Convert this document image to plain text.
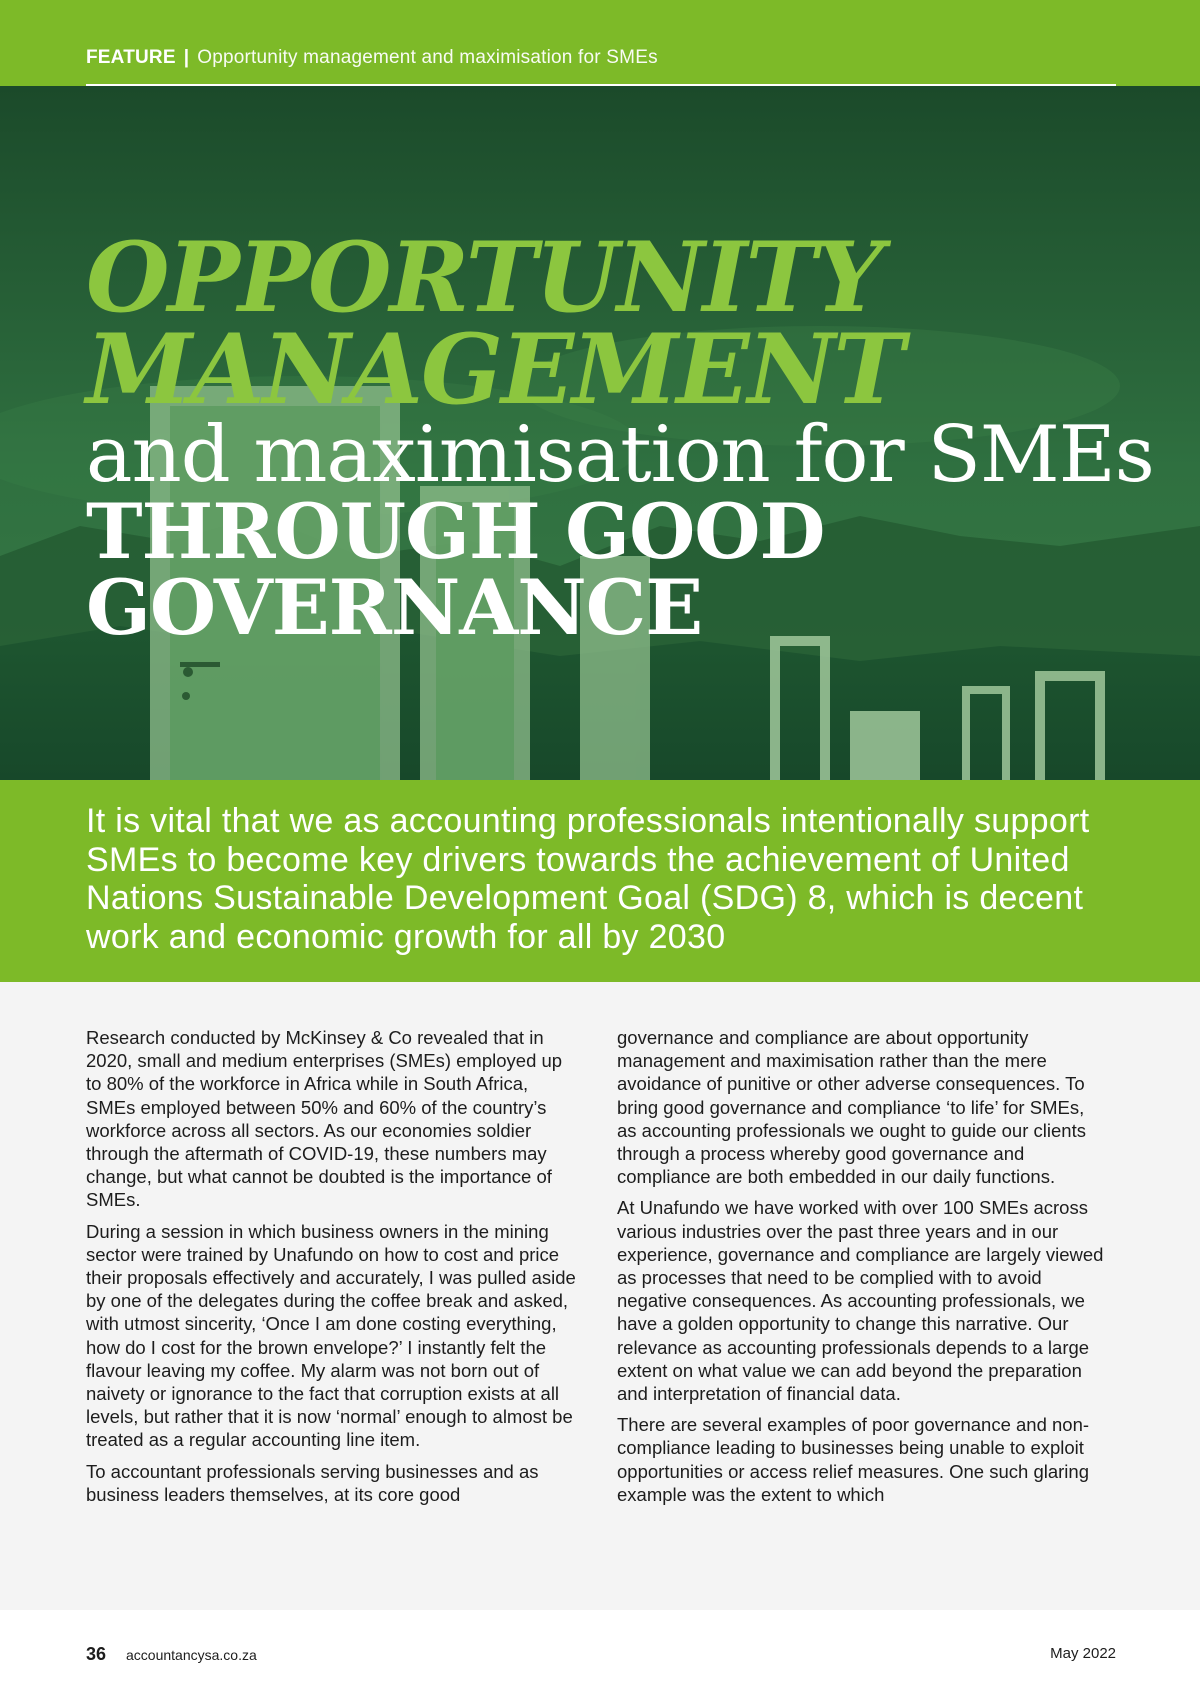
FEATURE | Opportunity management and maximisation for SMEs
OPPORTUNITY
MANAGEMENT
and maximisation for SMEs
THROUGH GOOD
GOVERNANCE

It is vital that we as accounting professionals intentionally support SMEs to become key drivers towards the achievement of United Nations Sustainable Development Goal (SDG) 8, which is decent work and economic growth for all by 2030

Research conducted by McKinsey & Co revealed that in 2020, small and medium enterprises (SMEs) employed up to 80% of the workforce in Africa while in South Africa, SMEs employed between 50% and 60% of the country’s workforce across all sectors. As our economies soldier through the aftermath of COVID-19, these numbers may change, but what cannot be doubted is the importance of SMEs.

During a session in which business owners in the mining sector were trained by Unafundo on how to cost and price their proposals effectively and accurately, I was pulled aside by one of the delegates during the coffee break and asked, with utmost sincerity, ‘Once I am done costing everything, how do I cost for the brown envelope?’ I instantly felt the flavour leaving my coffee. My alarm was not born out of naivety or ignorance to the fact that corruption exists at all levels, but rather that it is now ‘normal’ enough to almost be treated as a regular accounting line item.

To accountant professionals serving businesses and as business leaders themselves, at its core good

governance and compliance are about opportunity management and maximisation rather than the mere avoidance of punitive or other adverse consequences. To bring good governance and compliance ‘to life’ for SMEs, as accounting professionals we ought to guide our clients through a process whereby good governance and compliance are both embedded in our daily functions.

At Unafundo we have worked with over 100 SMEs across various industries over the past three years and in our experience, governance and compliance are largely viewed as processes that need to be complied with to avoid negative consequences. As accounting professionals, we have a golden opportunity to change this narrative. Our relevance as accounting professionals depends to a large extent on what value we can add beyond the preparation and interpretation of financial data.

There are several examples of poor governance and non-compliance leading to businesses being unable to exploit opportunities or access relief measures. One such glaring example was the extent to which

36 accountancysa.co.za	May 2022
